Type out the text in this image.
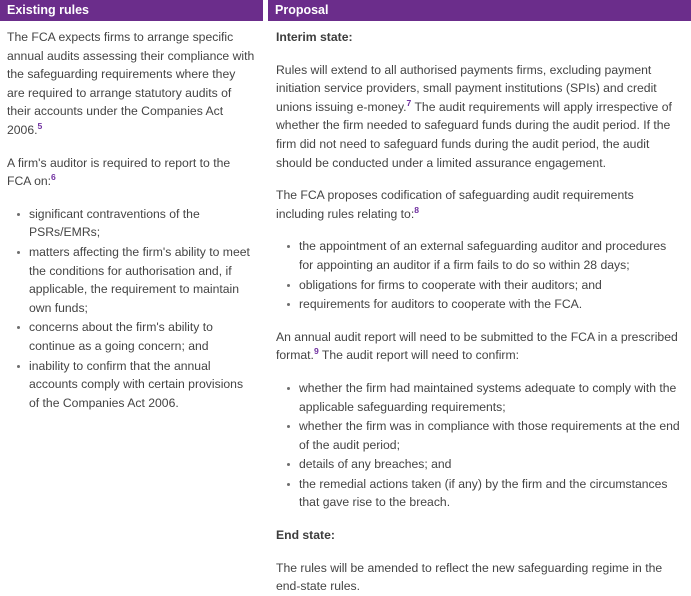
Existing rules

The FCA expects firms to arrange specific annual audits assessing their compliance with the safeguarding requirements where they are required to arrange statutory audits of their accounts under the Companies Act 2006.$^5$

A firm's auditor is required to report to the FCA on:$^6$

significant contraventions of the PSRs/EMRs;
matters affecting the firm's ability to meet the conditions for authorisation and, if applicable, the requirement to maintain own funds;
concerns about the firm's ability to continue as a going concern; and
inability to confirm that the annual accounts comply with certain provisions of the Companies Act 2006.
Proposal

Interim state:

Rules will extend to all authorised payments firms, excluding payment initiation service providers, small payment institutions (SPIs) and credit unions issuing e-money.$^7$ The audit requirements will apply irrespective of whether the firm needed to safeguard funds during the audit period. If the firm did not need to safeguard funds during the audit period, the audit should be conducted under a limited assurance engagement.

The FCA proposes codification of safeguarding audit requirements including rules relating to:$^8$

the appointment of an external safeguarding auditor and procedures for appointing an auditor if a firm fails to do so within 28 days;
obligations for firms to cooperate with their auditors; and
requirements for auditors to cooperate with the FCA.

An annual audit report will need to be submitted to the FCA in a prescribed format.$^9$ The audit report will need to confirm:

whether the firm had maintained systems adequate to comply with the applicable safeguarding requirements;
whether the firm was in compliance with those requirements at the end of the audit period;
details of any breaches; and
the remedial actions taken (if any) by the firm and the circumstances that gave rise to the breach.

End state:

The rules will be amended to reflect the new safeguarding regime in the end-state rules.
